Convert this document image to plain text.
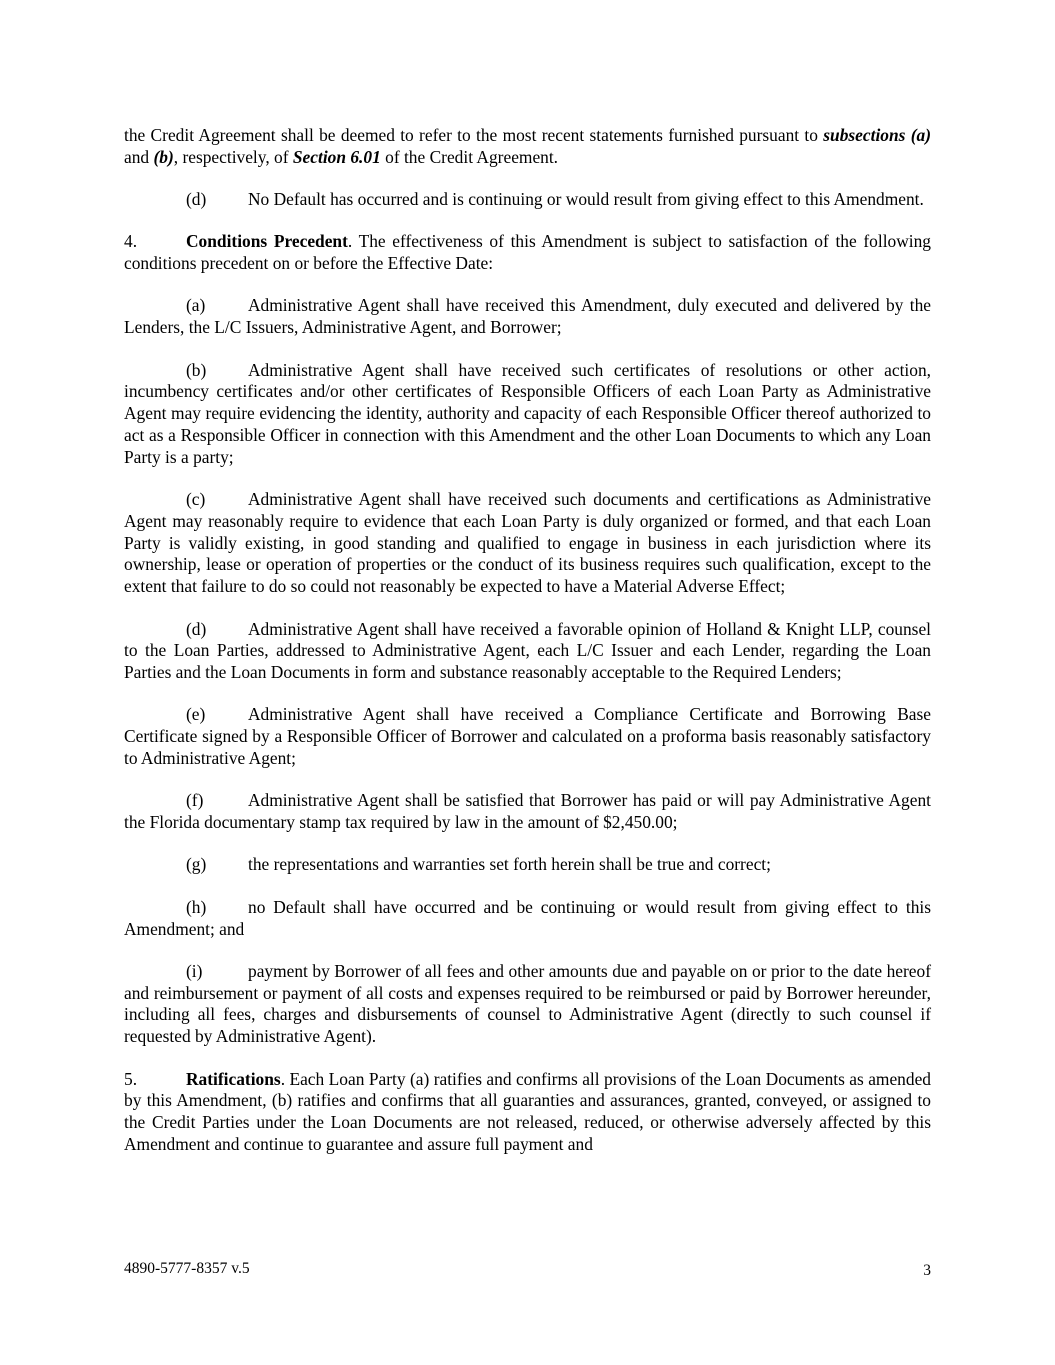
the Credit Agreement shall be deemed to refer to the most recent statements furnished pursuant to subsections (a) and (b), respectively, of Section 6.01 of the Credit Agreement.

(d) No Default has occurred and is continuing or would result from giving effect to this Amendment.

4.	Conditions Precedent. The effectiveness of this Amendment is subject to satisfaction of the following conditions precedent on or before the Effective Date:

(a) Administrative Agent shall have received this Amendment, duly executed and delivered by the Lenders, the L/C Issuers, Administrative Agent, and Borrower;

(b) Administrative Agent shall have received such certificates of resolutions or other action, incumbency certificates and/or other certificates of Responsible Officers of each Loan Party as Administrative Agent may require evidencing the identity, authority and capacity of each Responsible Officer thereof authorized to act as a Responsible Officer in connection with this Amendment and the other Loan Documents to which any Loan Party is a party;

(c) Administrative Agent shall have received such documents and certifications as Administrative Agent may reasonably require to evidence that each Loan Party is duly organized or formed, and that each Loan Party is validly existing, in good standing and qualified to engage in business in each jurisdiction where its ownership, lease or operation of properties or the conduct of its business requires such qualification, except to the extent that failure to do so could not reasonably be expected to have a Material Adverse Effect;

(d) Administrative Agent shall have received a favorable opinion of Holland & Knight LLP, counsel to the Loan Parties, addressed to Administrative Agent, each L/C Issuer and each Lender, regarding the Loan Parties and the Loan Documents in form and substance reasonably acceptable to the Required Lenders;

(e) Administrative Agent shall have received a Compliance Certificate and Borrowing Base Certificate signed by a Responsible Officer of Borrower and calculated on a proforma basis reasonably satisfactory to Administrative Agent;

(f)	Administrative Agent shall be satisfied that Borrower has paid or will pay Administrative Agent the Florida documentary stamp tax required by law in the amount of $2,450.00;

(g) the representations and warranties set forth herein shall be true and correct;

(h) no Default shall have occurred and be continuing or would result from giving effect to this Amendment; and

(i)	payment by Borrower of all fees and other amounts due and payable on or prior to the date hereof and reimbursement or payment of all costs and expenses required to be reimbursed or paid by Borrower hereunder, including all fees, charges and disbursements of counsel to Administrative Agent (directly to such counsel if requested by Administrative Agent).

5.	Ratifications. Each Loan Party (a) ratifies and confirms all provisions of the Loan Documents as amended by this Amendment, (b) ratifies and confirms that all guaranties and assurances, granted, conveyed, or assigned to the Credit Parties under the Loan Documents are not released, reduced, or otherwise adversely affected by this Amendment and continue to guarantee and assure full payment and

4890-5777-8357 v.5	3
